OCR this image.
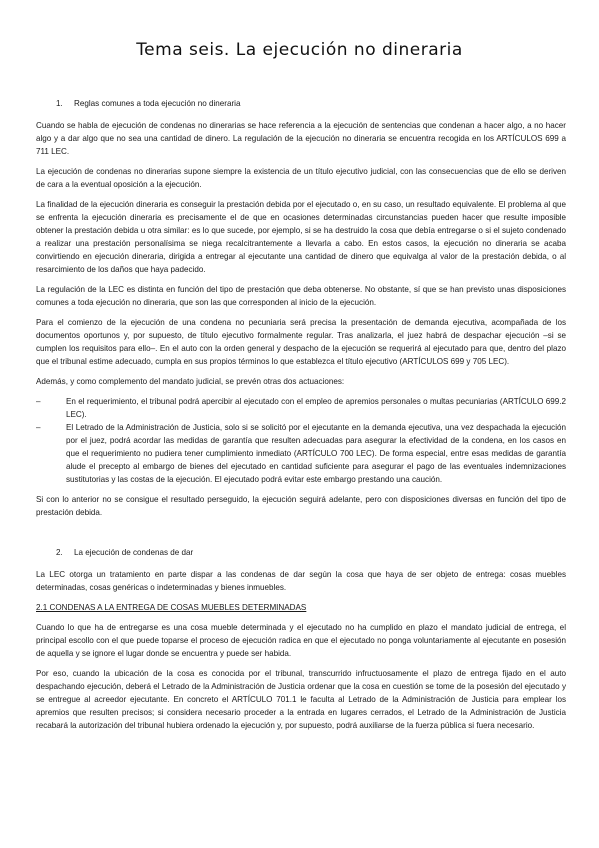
Tema seis. La ejecución no dineraria
1. Reglas comunes a toda ejecución no dineraria

Cuando se habla de ejecución de condenas no dinerarias se hace referencia a la ejecución de sentencias que condenan a hacer algo, a no hacer algo y a dar algo que no sea una cantidad de dinero. La regulación de la ejecución no dineraria se encuentra recogida en los ARTÍCULOS 699 a 711 LEC.

La ejecución de condenas no dinerarias supone siempre la existencia de un título ejecutivo judicial, con las consecuencias que de ello se deriven de cara a la eventual oposición a la ejecución.

La finalidad de la ejecución dineraria es conseguir la prestación debida por el ejecutado o, en su caso, un resultado equivalente. El problema al que se enfrenta la ejecución dineraria es precisamente el de que en ocasiones determinadas circunstancias pueden hacer que resulte imposible obtener la prestación debida u otra similar: es lo que sucede, por ejemplo, si se ha destruido la cosa que debía entregarse o si el sujeto condenado a realizar una prestación personalísima se niega recalcitrantemente a llevarla a cabo. En estos casos, la ejecución no dineraria se acaba convirtiendo en ejecución dineraria, dirigida a entregar al ejecutante una cantidad de dinero que equivalga al valor de la prestación debida, o al resarcimiento de los daños que haya padecido.

La regulación de la LEC es distinta en función del tipo de prestación que deba obtenerse. No obstante, sí que se han previsto unas disposiciones comunes a toda ejecución no dineraria, que son las que corresponden al inicio de la ejecución.

Para el comienzo de la ejecución de una condena no pecuniaria será precisa la presentación de demanda ejecutiva, acompañada de los documentos oportunos y, por supuesto, de título ejecutivo formalmente regular. Tras analizarla, el juez habrá de despachar ejecución –si se cumplen los requisitos para ello–. En el auto con la orden general y despacho de la ejecución se requerirá al ejecutado para que, dentro del plazo que el tribunal estime adecuado, cumpla en sus propios términos lo que establezca el título ejecutivo (ARTÍCULOS 699 y 705 LEC).

Además, y como complemento del mandato judicial, se prevén otras dos actuaciones:

–	En el requerimiento, el tribunal podrá apercibir al ejecutado con el empleo de apremios personales o multas pecuniarias (ARTÍCULO 699.2 LEC).
–	El Letrado de la Administración de Justicia, solo si se solicitó por el ejecutante en la demanda ejecutiva, una vez despachada la ejecución por el juez, podrá acordar las medidas de garantía que resulten adecuadas para asegurar la efectividad de la condena, en los casos en que el requerimiento no pudiera tener cumplimiento inmediato (ARTÍCULO 700 LEC). De forma especial, entre esas medidas de garantía alude el precepto al embargo de bienes del ejecutado en cantidad suficiente para asegurar el pago de las eventuales indemnizaciones sustitutorias y las costas de la ejecución. El ejecutado podrá evitar este embargo prestando una caución.

Si con lo anterior no se consigue el resultado perseguido, la ejecución seguirá adelante, pero con disposiciones diversas en función del tipo de prestación debida.

2. La ejecución de condenas de dar

La LEC otorga un tratamiento en parte dispar a las condenas de dar según la cosa que haya de ser objeto de entrega: cosas muebles determinadas, cosas genéricas o indeterminadas y bienes inmuebles.

2.1 CONDENAS A LA ENTREGA DE COSAS MUEBLES DETERMINADAS

Cuando lo que ha de entregarse es una cosa mueble determinada y el ejecutado no ha cumplido en plazo el mandato judicial de entrega, el principal escollo con el que puede toparse el proceso de ejecución radica en que el ejecutado no ponga voluntariamente al ejecutante en posesión de aquella y se ignore el lugar donde se encuentra y puede ser habida.

Por eso, cuando la ubicación de la cosa es conocida por el tribunal, transcurrido infructuosamente el plazo de entrega fijado en el auto despachando ejecución, deberá el Letrado de la Administración de Justicia ordenar que la cosa en cuestión se tome de la posesión del ejecutado y se entregue al acreedor ejecutante. En concreto el ARTÍCULO 701.1 le faculta al Letrado de la Administración de Justicia para emplear los apremios que resulten precisos; si considera necesario proceder a la entrada en lugares cerrados, el Letrado de la Administración de Justicia recabará la autorización del tribunal hubiera ordenado la ejecución y, por supuesto, podrá auxiliarse de la fuerza pública si fuera necesario.
